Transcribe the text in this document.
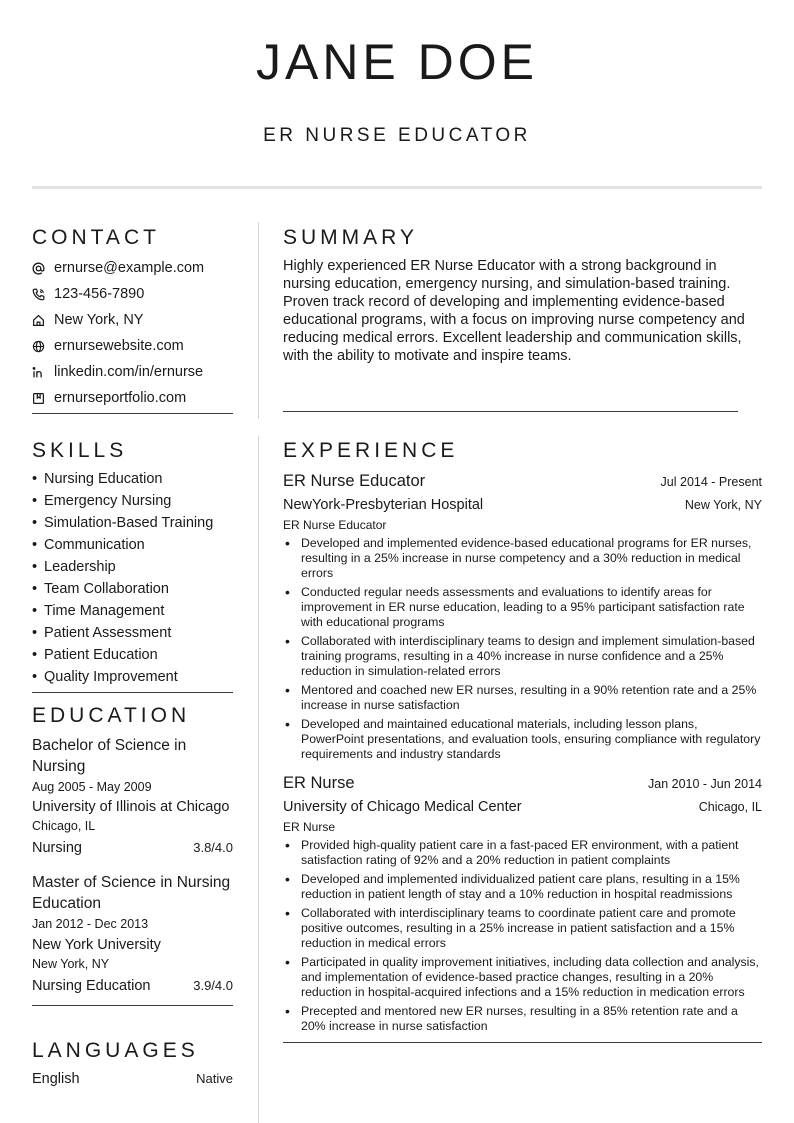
JANE DOE
ER NURSE EDUCATOR
CONTACT
ernurse@example.com
123-456-7890
New York, NY
ernursewebsite.com
linkedin.com/in/ernurse
ernurseportfolio.com
SKILLS
• Nursing Education
• Emergency Nursing
• Simulation-Based Training
• Communication
• Leadership
• Team Collaboration
• Time Management
• Patient Assessment
• Patient Education
• Quality Improvement
EDUCATION
Bachelor of Science in Nursing
Aug 2005 - May 2009
University of Illinois at Chicago
Chicago, IL
Nursing	3.8/4.0
Master of Science in Nursing Education
Jan 2012 - Dec 2013
New York University
New York, NY
Nursing Education	3.9/4.0
LANGUAGES
English	Native
SUMMARY
Highly experienced ER Nurse Educator with a strong background in nursing education, emergency nursing, and simulation-based training. Proven track record of developing and implementing evidence-based educational programs, with a focus on improving nurse competency and reducing medical errors. Excellent leadership and communication skills, with the ability to motivate and inspire teams.
EXPERIENCE
ER Nurse Educator	Jul 2014 - Present
NewYork-Presbyterian Hospital	New York, NY
ER Nurse Educator
• Developed and implemented evidence-based educational programs for ER nurses, resulting in a 25% increase in nurse competency and a 30% reduction in medical errors
• Conducted regular needs assessments and evaluations to identify areas for improvement in ER nurse education, leading to a 95% participant satisfaction rate with educational programs
• Collaborated with interdisciplinary teams to design and implement simulation-based training programs, resulting in a 40% increase in nurse confidence and a 25% reduction in simulation-related errors
• Mentored and coached new ER nurses, resulting in a 90% retention rate and a 25% increase in nurse satisfaction
• Developed and maintained educational materials, including lesson plans, PowerPoint presentations, and evaluation tools, ensuring compliance with regulatory requirements and industry standards
ER Nurse	Jan 2010 - Jun 2014
University of Chicago Medical Center	Chicago, IL
ER Nurse
• Provided high-quality patient care in a fast-paced ER environment, with a patient satisfaction rating of 92% and a 20% reduction in patient complaints
• Developed and implemented individualized patient care plans, resulting in a 15% reduction in patient length of stay and a 10% reduction in hospital readmissions
• Collaborated with interdisciplinary teams to coordinate patient care and promote positive outcomes, resulting in a 25% increase in patient satisfaction and a 15% reduction in medical errors
• Participated in quality improvement initiatives, including data collection and analysis, and implementation of evidence-based practice changes, resulting in a 20% reduction in hospital-acquired infections and a 15% reduction in medication errors
• Precepted and mentored new ER nurses, resulting in a 85% retention rate and a 20% increase in nurse satisfaction
